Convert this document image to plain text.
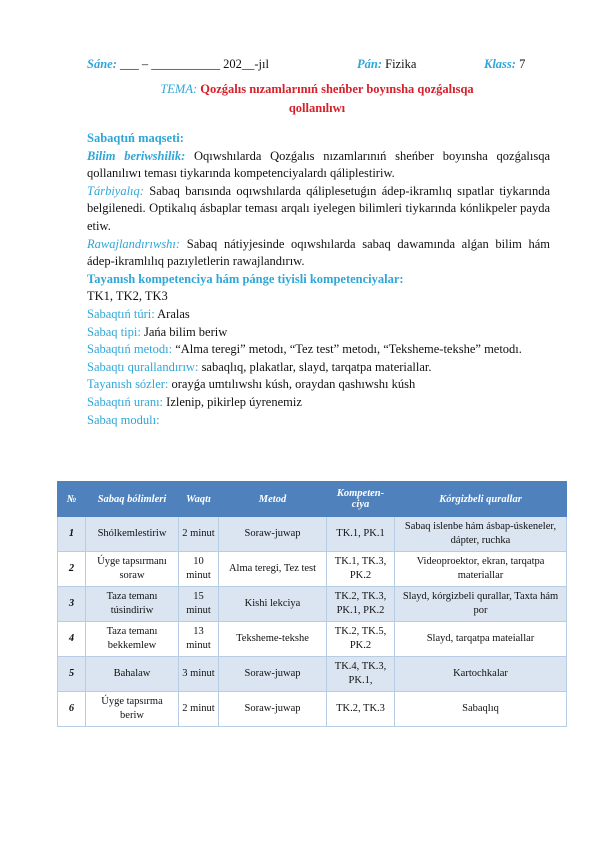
Sáne: ___ – ___________ 202__-jıl	Pán: Fizika	Klass: 7
TEMA: Qozǵalıs nızamlarınıń sheńber boyınsha qozǵalısqa
qollanılıwı

Sabaqtıń maqseti:

Bilim beriwshilik: Oqıwshılarda Qozǵalıs nızamlarınıń sheńber boyınsha qozǵalısqa qollanılıwı teması tiykarında kompetenciyalardı qáliplestiriw.

Tárbiyalıq: Sabaq barısında oqıwshılarda qáliplesetuǵın ádep-ikramlıq sıpatlar tiykarında belgilenedi. Optikalıq ásbaplar teması arqalı iyelegen bilimleri tiykarında kónlikpeler payda etiw.

Rawajlandırıwshı: Sabaq nátiyjesinde oqıwshılarda sabaq dawamında alǵan bilim hám ádep-ikramlılıq pazıyletlerin rawajlandırıw.

Tayanısh kompetenciya hám pánge tiyisli kompetenciyalar:

TK1, TK2, TK3

Sabaqtıń túri: Aralas

Sabaq tipi: Jańa bilim beriw

Sabaqtıń metodı: “Alma teregi” metodı, “Tez test” metodı, “Teksheme-tekshe” metodı.

Sabaqtı qurallandırıw: sabaqlıq, plakatlar, slayd, tarqatpa materiallar.

Tayanısh sózler: orayǵa umtılıwshı kúsh, oraydan qashıwshı kúsh

Sabaqtıń uranı: Izlenip, pikirlep úyrenemiz

Sabaq modulı:

№	Sabaq bólimleri	Waqtı	Metod	Kompeten-ciya	Kórgizbeli qurallar
1	Shólkemlestiriw	2 minut	Soraw-juwap	TK.1, PK.1	Sabaq islenbe hám ásbap-úskeneler, dápter, ruchka
2	Úyge tapsırmanı soraw	10 minut	Alma teregi, Tez test	TK.1, TK.3, PK.2	Videoproektor, ekran, tarqatpa materiallar
3	Taza temanı túsindiriw	15 minut	Kishi lekciya	TK.2, TK.3, PK.1, PK.2	Slayd, kórgizbeli qurallar, Taxta hám por
4	Taza temanı bekkemlew	13 minut	Teksheme-tekshe	TK.2, TK.5, PK.2	Slayd, tarqatpa mateiallar
5	Bahalaw	3 minut	Soraw-juwap	TK.4, TK.3, PK.1,	Kartochkalar
6	Úyge tapsırma beriw	2 minut	Soraw-juwap	TK.2, TK.3	Sabaqlıq
